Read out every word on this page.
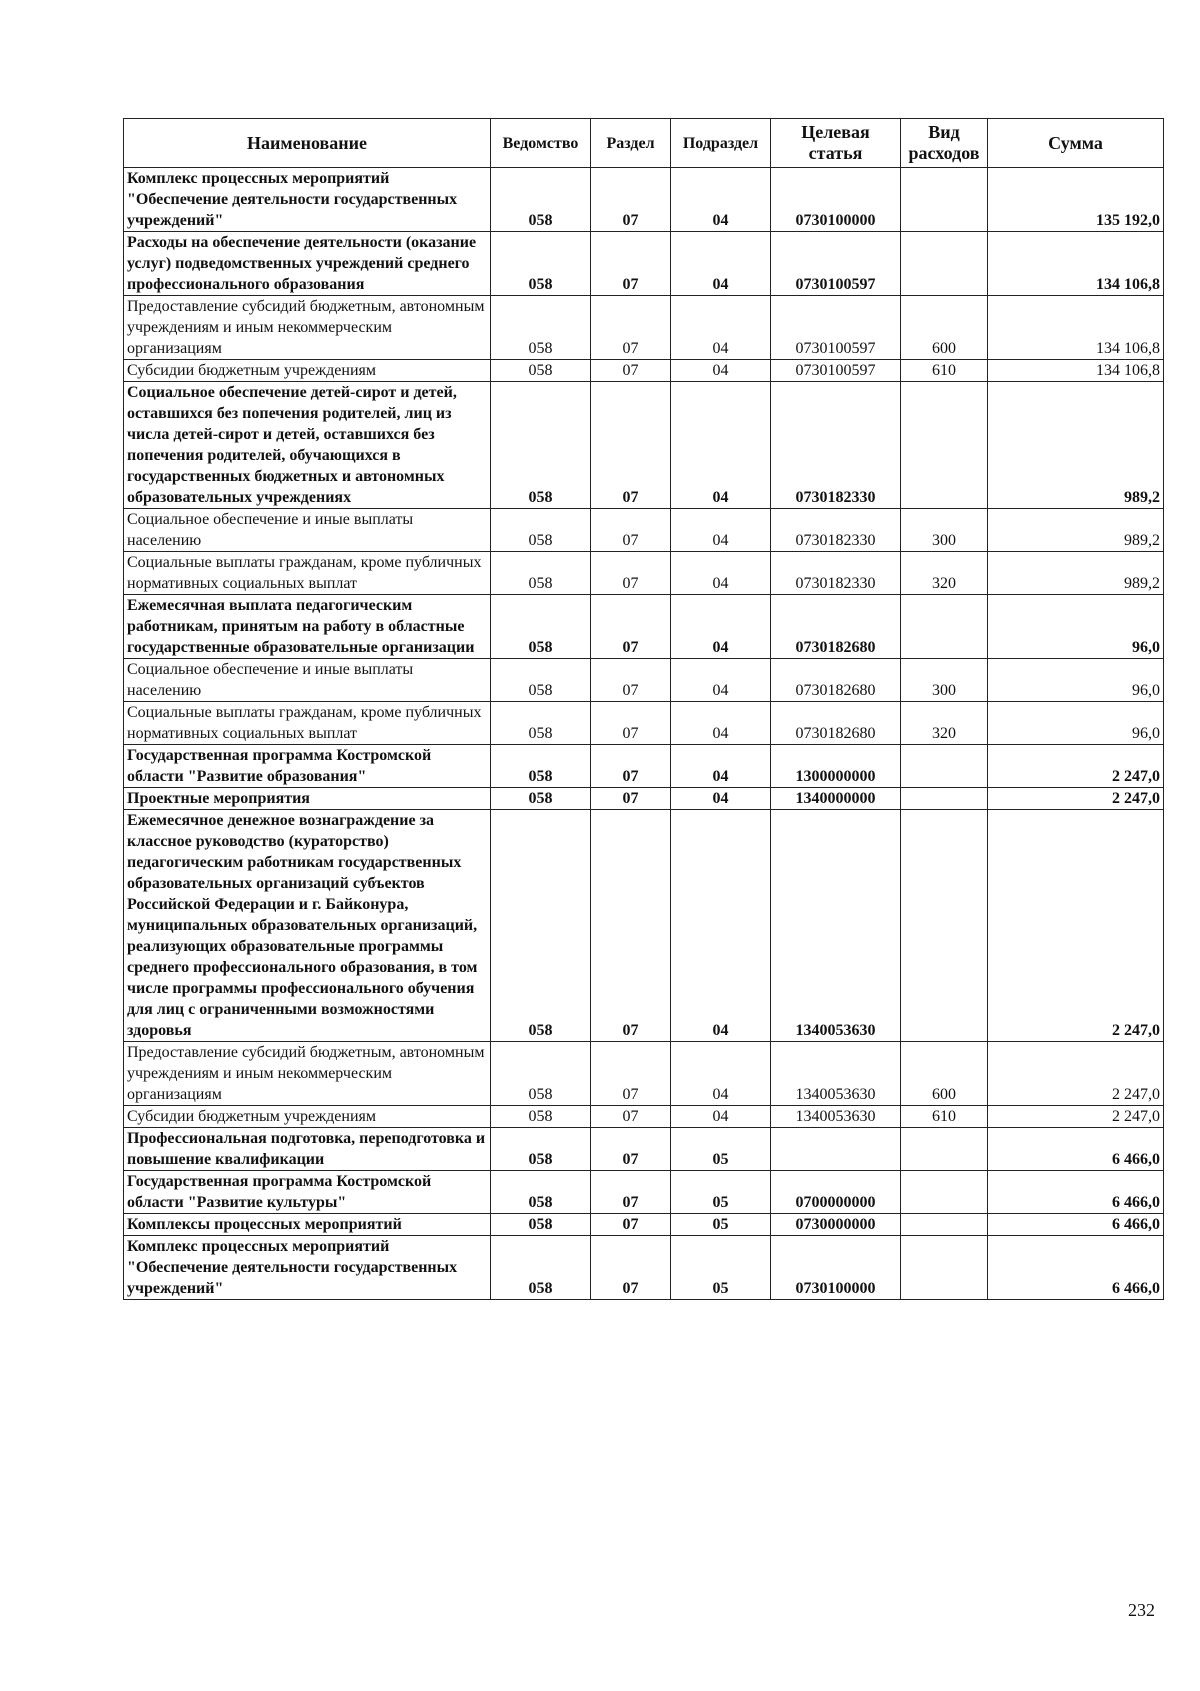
Наименование	Ведомство	Раздел	Подраздел	Целевая статья	Вид расходов	Сумма
Комплекс процессных мероприятий "Обеспечение деятельности государственных учреждений"	058	07	04	0730100000		135 192,0
Расходы на обеспечение деятельности (оказание услуг) подведомственных учреждений среднего профессионального образования	058	07	04	0730100597		134 106,8
Предоставление субсидий бюджетным, автономным учреждениям и иным некоммерческим организациям	058	07	04	0730100597	600	134 106,8
Субсидии бюджетным учреждениям	058	07	04	0730100597	610	134 106,8
Социальное обеспечение детей-сирот и детей, оставшихся без попечения родителей, лиц из числа детей-сирот и детей, оставшихся без попечения родителей, обучающихся в государственных бюджетных и автономных образовательных учреждениях	058	07	04	0730182330		989,2
Социальное обеспечение и иные выплаты населению	058	07	04	0730182330	300	989,2
Социальные выплаты гражданам, кроме публичных нормативных социальных выплат	058	07	04	0730182330	320	989,2
Ежемесячная выплата педагогическим работникам, принятым на работу в областные государственные образовательные организации	058	07	04	0730182680		96,0
Социальное обеспечение и иные выплаты населению	058	07	04	0730182680	300	96,0
Социальные выплаты гражданам, кроме публичных нормативных социальных выплат	058	07	04	0730182680	320	96,0
Государственная программа Костромской области "Развитие образования"	058	07	04	1300000000		2 247,0
Проектные мероприятия	058	07	04	1340000000		2 247,0
Ежемесячное денежное вознаграждение за классное руководство (кураторство) педагогическим работникам государственных образовательных организаций субъектов Российской Федерации и г. Байконура, муниципальных образовательных организаций, реализующих образовательные программы среднего профессионального образования, в том числе программы профессионального обучения для лиц с ограниченными возможностями здоровья	058	07	04	1340053630		2 247,0
Предоставление субсидий бюджетным, автономным учреждениям и иным некоммерческим организациям	058	07	04	1340053630	600	2 247,0
Субсидии бюджетным учреждениям	058	07	04	1340053630	610	2 247,0
Профессиональная подготовка, переподготовка и повышение квалификации	058	07	05			6 466,0
Государственная программа Костромской области "Развитие культуры"	058	07	05	0700000000		6 466,0
Комплексы процессных мероприятий	058	07	05	0730000000		6 466,0
Комплекс процессных мероприятий "Обеспечение деятельности государственных учреждений"	058	07	05	0730100000		6 466,0
232
